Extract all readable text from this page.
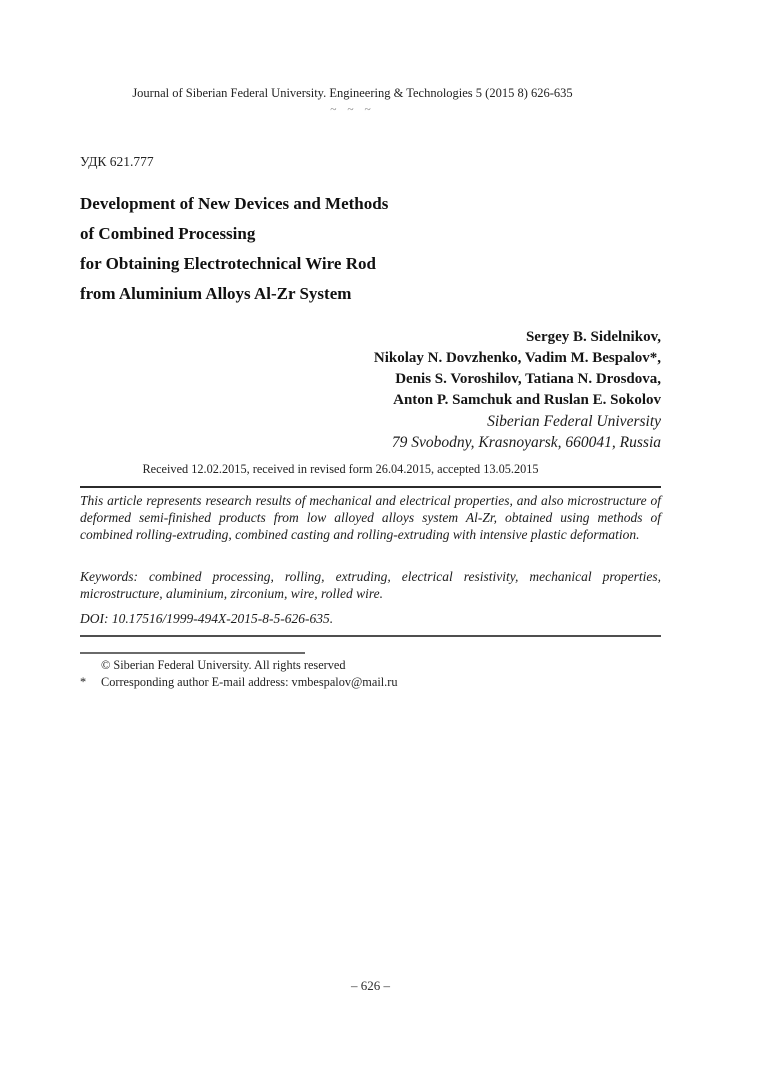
Journal of Siberian Federal University. Engineering & Technologies 5 (2015 8) 626-635
~ ~ ~
УДК 621.777
Development of New Devices and Methods
of Combined Processing
for Obtaining Electrotechnical Wire Rod
from Aluminium Alloys Al-Zr System
Sergey B. Sidelnikov,
Nikolay N. Dovzhenko, Vadim M. Bespalov*,
Denis S. Voroshilov, Tatiana N. Drosdova,
Anton P. Samchuk and Ruslan E. Sokolov
Siberian Federal University
79 Svobodny, Krasnoyarsk, 660041, Russia
Received 12.02.2015, received in revised form 26.04.2015, accepted 13.05.2015

This article represents research results of mechanical and electrical properties, and also microstructure of deformed semi-finished products from low alloyed alloys system Al-Zr, obtained using methods of combined rolling-extruding, combined casting and rolling-extruding with intensive plastic deformation.

Keywords: combined processing, rolling, extruding, electrical resistivity, mechanical properties, microstructure, aluminium, zirconium, wire, rolled wire.

DOI: 10.17516/1999-494X-2015-8-5-626-635.

© Siberian Federal University. All rights reserved
*	Corresponding author E-mail address: vmbespalov@mail.ru
– 626 –
